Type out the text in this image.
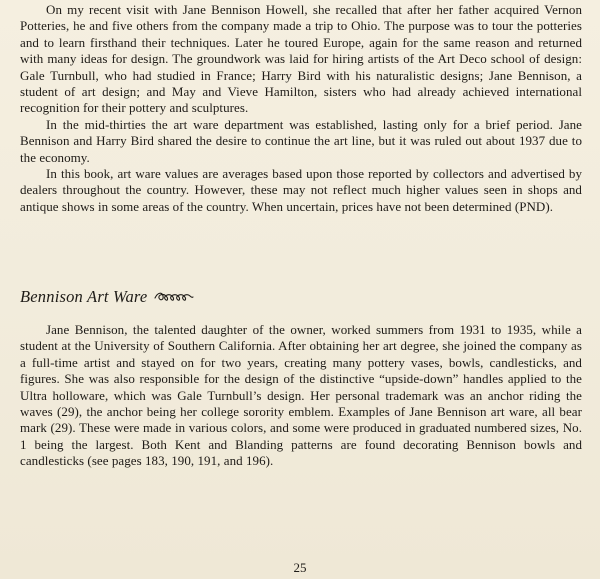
On my recent visit with Jane Bennison Howell, she recalled that after her father acquired Vernon Potteries, he and five others from the company made a trip to Ohio. The purpose was to tour the potteries and to learn firsthand their techniques. Later he toured Europe, again for the same reason and returned with many ideas for design. The groundwork was laid for hiring artists of the Art Deco school of design: Gale Turnbull, who had studied in France; Harry Bird with his naturalistic designs; Jane Bennison, a student of art design; and May and Vieve Hamilton, sisters who had already achieved international recognition for their pottery and sculptures.

In the mid-thirties the art ware department was established, lasting only for a brief period. Jane Bennison and Harry Bird shared the desire to continue the art line, but it was ruled out about 1937 due to the economy.

In this book, art ware values are averages based upon those reported by collectors and advertised by dealers throughout the country. However, these may not reflect much higher values seen in shops and antique shows in some areas of the country. When uncertain, prices have not been determined (PND).

Bennison Art Ware

Jane Bennison, the talented daughter of the owner, worked summers from 1931 to 1935, while a student at the University of Southern California. After obtaining her art degree, she joined the company as a full-time artist and stayed on for two years, creating many pottery vases, bowls, candlesticks, and figures. She was also responsible for the design of the distinctive “upside-down” handles applied to the Ultra holloware, which was Gale Turnbull’s design. Her personal trademark was an anchor riding the waves (29), the anchor being her college sorority emblem. Examples of Jane Bennison art ware, all bear mark (29). These were made in various colors, and some were produced in graduated numbered sizes, No. 1 being the largest. Both Kent and Blanding patterns are found decorating Bennison bowls and candlesticks (see pages 183, 190, 191, and 196).

25
